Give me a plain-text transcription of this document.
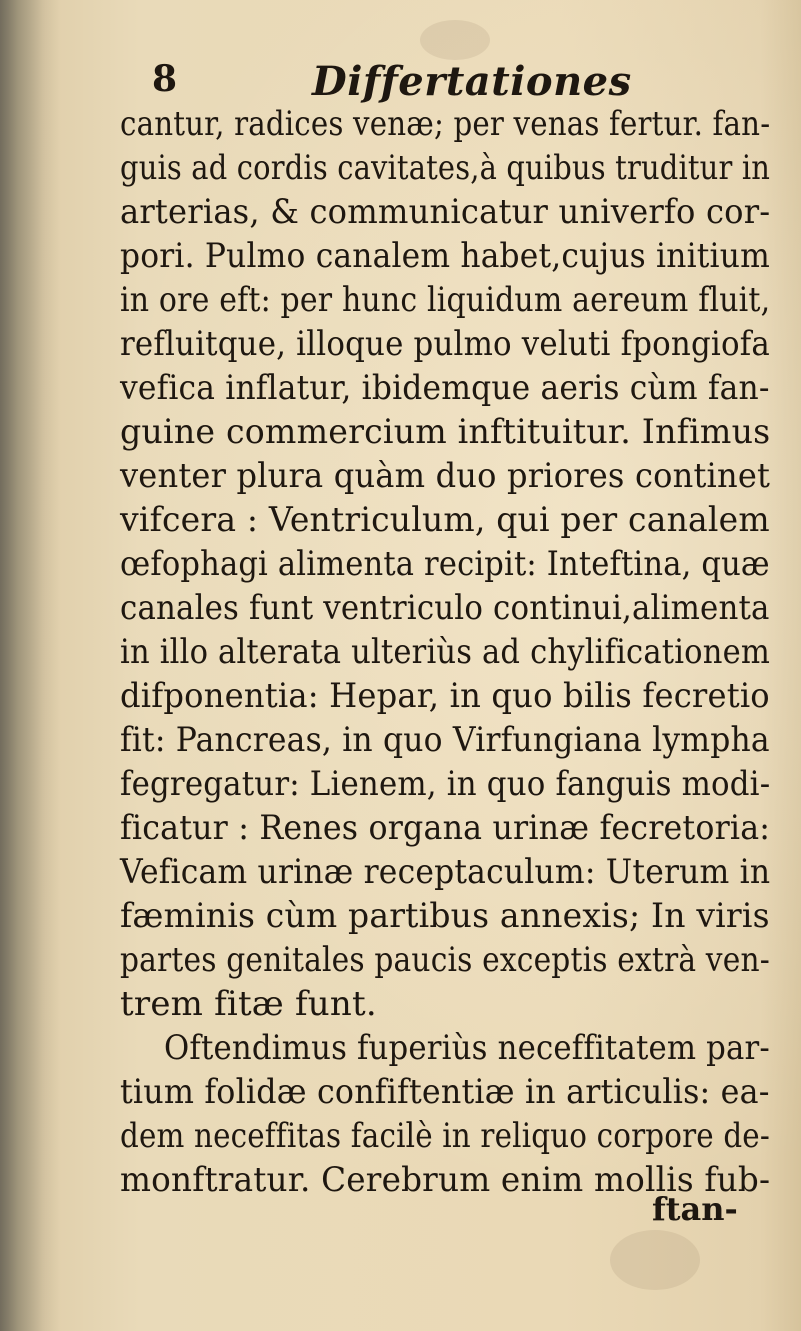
8	Differtationes
cantur, radices venæ; per venas fertur. fan-
guis ad cordis cavitates,à quibus truditur in
arterias, & communicatur univerfo cor-
pori. Pulmo canalem habet,cujus initium
in ore eft: per hunc liquidum aereum fluit,
refluitque, illoque pulmo veluti fpongiofa
vefica inflatur, ibidemque aeris cùm fan-
guine commercium inftituitur. Infimus
venter plura quàm duo priores continet
vifcera : Ventriculum, qui per canalem
œfophagi alimenta recipit: Inteftina, quæ
canales funt ventriculo continui,alimenta
in illo alterata ulteriùs ad chylificationem
difponentia: Hepar, in quo bilis fecretio
fit: Pancreas, in quo Virfungiana lympha
fegregatur: Lienem, in quo fanguis modi-
ficatur : Renes organa urinæ fecretoria:
Veficam urinæ receptaculum: Uterum in
fæminis cùm partibus annexis; In viris
partes genitales paucis exceptis extrà ven-
trem fitæ funt.
Oftendimus fuperiùs neceffitatem par-
tium folidæ confiftentiæ in articulis: ea-
dem neceffitas facilè in reliquo corpore de-
monftratur. Cerebrum enim mollis fub-
ftan-
